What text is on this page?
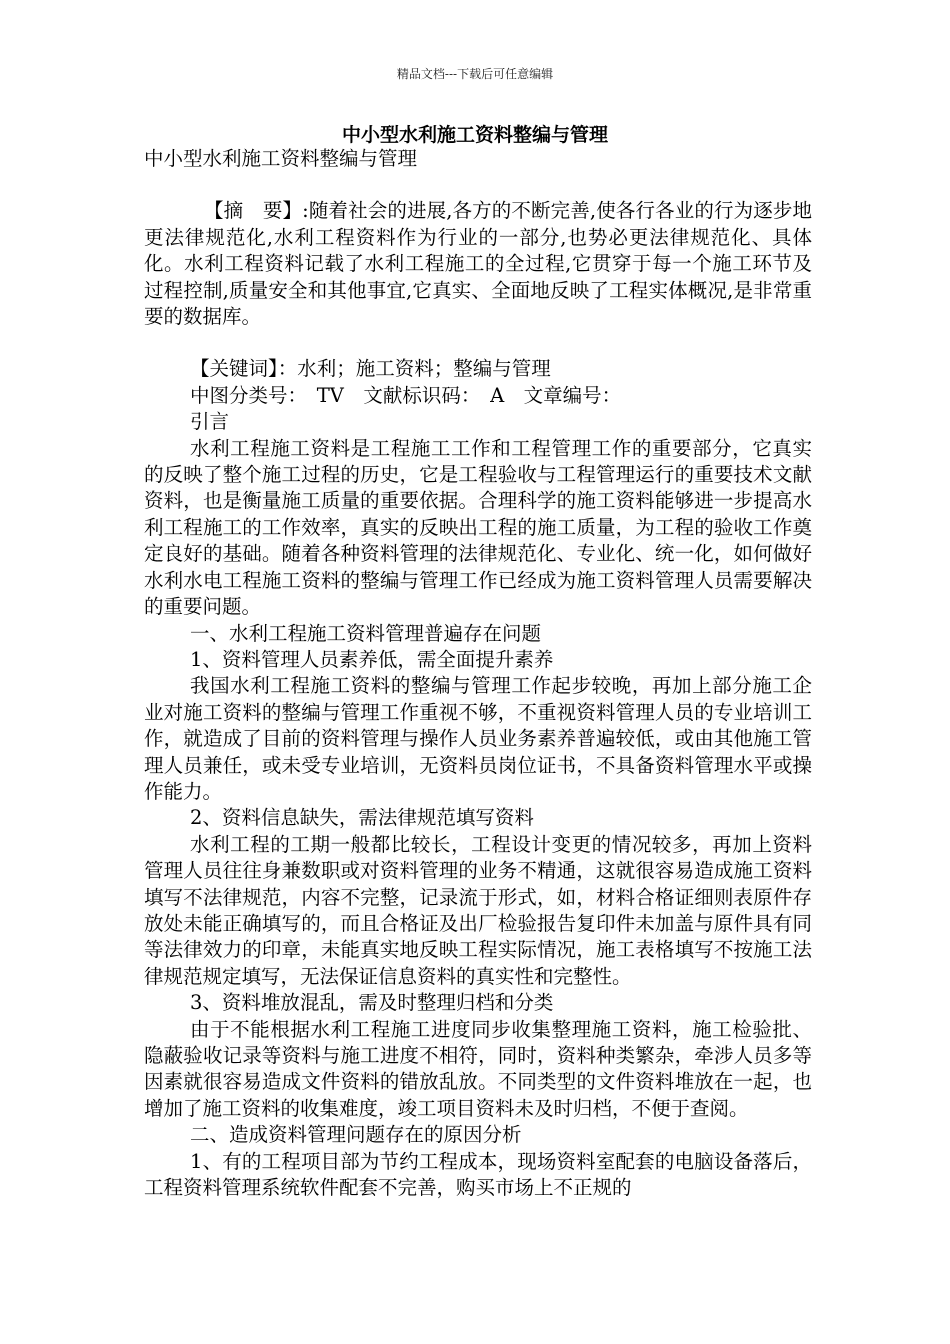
精品文档---下载后可任意编辑
中小型水利施工资料整编与管理

中小型水利施工资料整编与管理

【摘　要】:随着社会的进展,各方的不断完善,使各行各业的行为逐步地更法律规范化,水利工程资料作为行业的一部分,也势必更法律规范化、具体化。水利工程资料记载了水利工程施工的全过程,它贯穿于每一个施工环节及过程控制,质量安全和其他事宜,它真实、全面地反映了工程实体概况,是非常重要的数据库。

【关键词】：水利；施工资料；整编与管理

中图分类号：　TV　文献标识码：　A　文章编号：

引言

水利工程施工资料是工程施工工作和工程管理工作的重要部分，它真实的反映了整个施工过程的历史，它是工程验收与工程管理运行的重要技术文献资料，也是衡量施工质量的重要依据。合理科学的施工资料能够进一步提高水利工程施工的工作效率，真实的反映出工程的施工质量，为工程的验收工作奠定良好的基础。随着各种资料管理的法律规范化、专业化、统一化，如何做好水利水电工程施工资料的整编与管理工作已经成为施工资料管理人员需要解决的重要问题。

一、水利工程施工资料管理普遍存在问题

1、资料管理人员素养低，需全面提升素养

我国水利工程施工资料的整编与管理工作起步较晚，再加上部分施工企业对施工资料的整编与管理工作重视不够，不重视资料管理人员的专业培训工作，就造成了目前的资料管理与操作人员业务素养普遍较低，或由其他施工管理人员兼任，或未受专业培训，无资料员岗位证书，不具备资料管理水平或操作能力。

2、资料信息缺失，需法律规范填写资料

水利工程的工期一般都比较长，工程设计变更的情况较多，再加上资料管理人员往往身兼数职或对资料管理的业务不精通，这就很容易造成施工资料填写不法律规范，内容不完整，记录流于形式，如，材料合格证细则表原件存放处未能正确填写的，而且合格证及出厂检验报告复印件未加盖与原件具有同等法律效力的印章，未能真实地反映工程实际情况，施工表格填写不按施工法律规范规定填写，无法保证信息资料的真实性和完整性。

3、资料堆放混乱，需及时整理归档和分类

由于不能根据水利工程施工进度同步收集整理施工资料，施工检验批、隐蔽验收记录等资料与施工进度不相符，同时，资料种类繁杂，牵涉人员多等因素就很容易造成文件资料的错放乱放。不同类型的文件资料堆放在一起，也增加了施工资料的收集难度，竣工项目资料未及时归档，不便于查阅。

二、造成资料管理问题存在的原因分析

1、有的工程项目部为节约工程成本，现场资料室配套的电脑设备落后，工程资料管理系统软件配套不完善，购买市场上不正规的
